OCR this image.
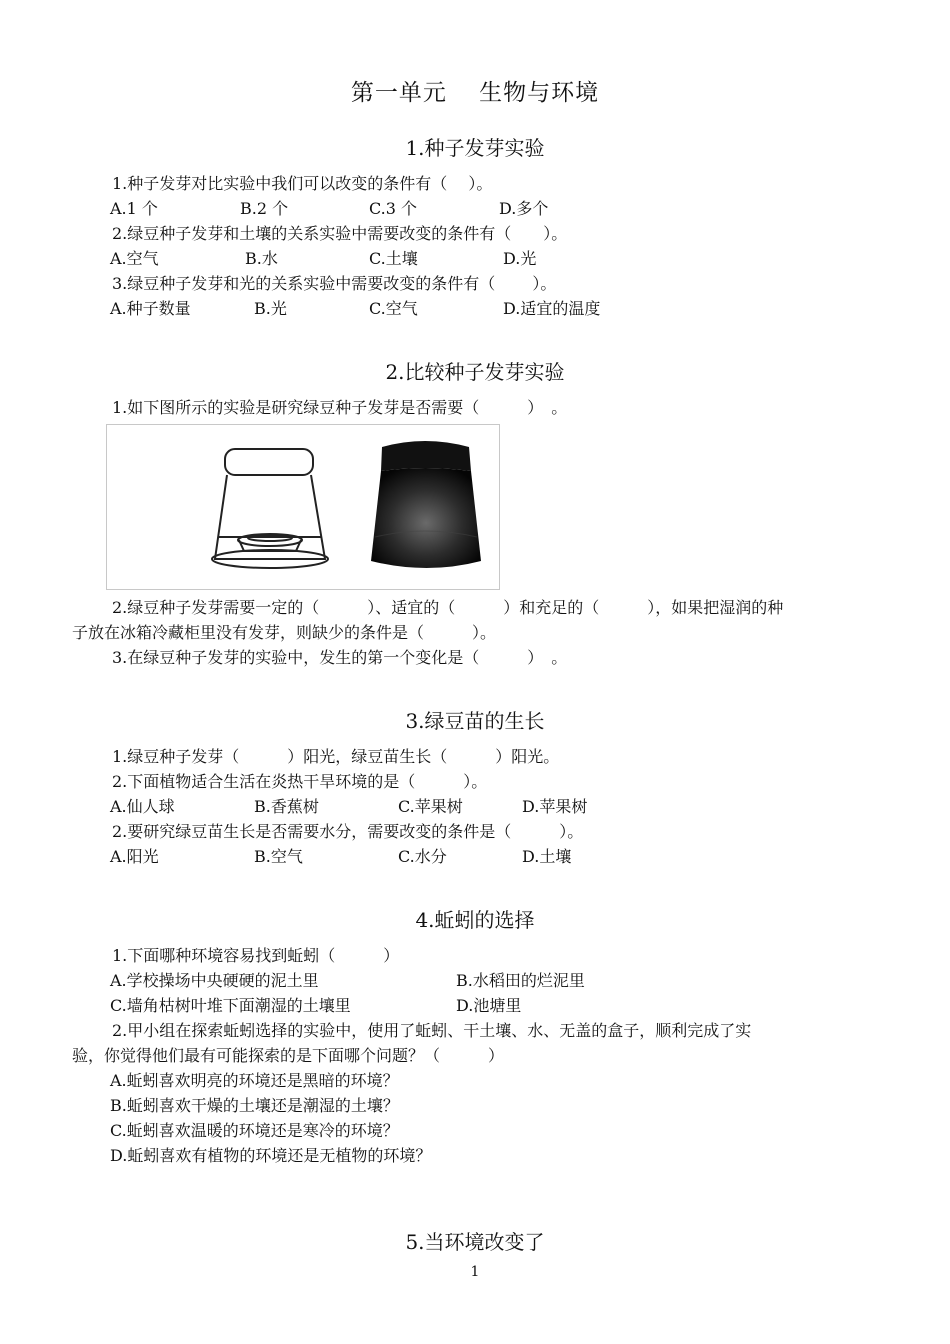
第一单元　 生物与环境
1.种子发芽实验
1.种子发芽对比实验中我们可以改变的条件有（　 ）。
A.1 个	B.2 个	C.3 个	D.多个
2.绿豆种子发芽和土壤的关系实验中需要改变的条件有（　　）。
A.空气	B.水	C.土壤	D.光
3.绿豆种子发芽和光的关系实验中需要改变的条件有（　　 ）。
A.种子数量	B.光	C.空气	D.适宜的温度
2.比较种子发芽实验
1.如下图所示的实验是研究绿豆种子发芽是否需要（　　　）　。
2.绿豆种子发芽需要一定的（　　　）、适宜的（　　　）和充足的（　　　），如果把湿润的种
子放在冰箱冷藏柜里没有发芽，则缺少的条件是（　　　）。
3.在绿豆种子发芽的实验中，发生的第一个变化是（　　　）　。
3.绿豆苗的生长
1.绿豆种子发芽（　　　）阳光，绿豆苗生长（　　　）阳光。
2.下面植物适合生活在炎热干旱环境的是（　　　）。
A.仙人球	B.香蕉树	C.苹果树	D.苹果树
2.要研究绿豆苗生长是否需要水分，需要改变的条件是（　　　）。
A.阳光	B.空气	C.水分	D.土壤
4.蚯蚓的选择
1.下面哪种环境容易找到蚯蚓（　　　）
A.学校操场中央硬硬的泥土里	B.水稻田的烂泥里
C.墙角枯树叶堆下面潮湿的土壤里	D.池塘里
2.甲小组在探索蚯蚓选择的实验中，使用了蚯蚓、干土壤、水、无盖的盒子，顺利完成了实
验，你觉得他们最有可能探索的是下面哪个问题？（　　　）
A.蚯蚓喜欢明亮的环境还是黑暗的环境？
B.蚯蚓喜欢干燥的土壤还是潮湿的土壤？
C.蚯蚓喜欢温暖的环境还是寒冷的环境？
D.蚯蚓喜欢有植物的环境还是无植物的环境？
5.当环境改变了
1
